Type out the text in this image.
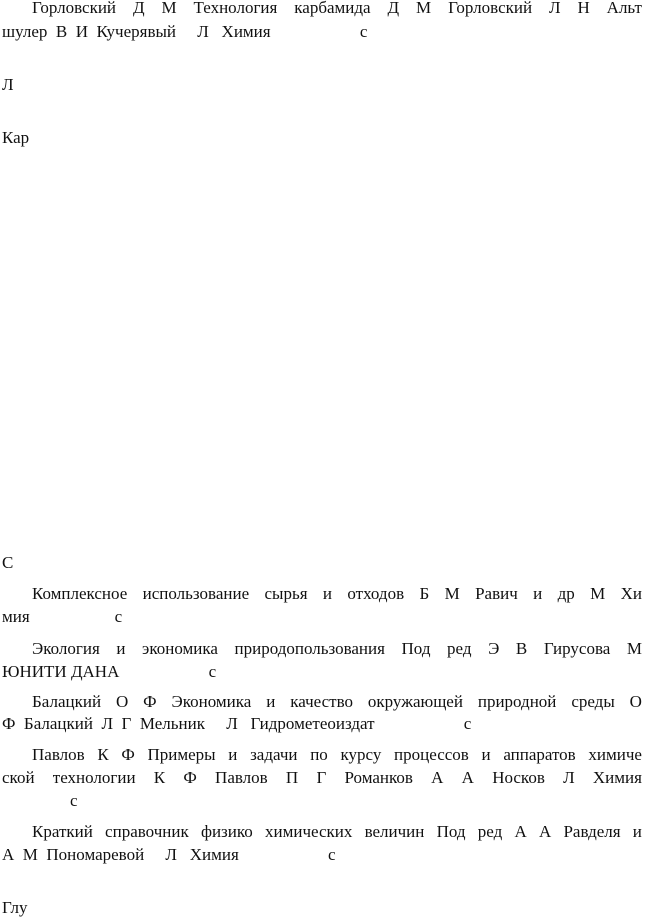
Горловский Д М Технология карбамида Д М Горловский Л Н Альт
шулер  В  И  Кучерявый     Л   Химия                     с
Л
Кар
С
Комплексное использование сырья и отходов Б М Равич и др М Хи
мия                    с
Экология и экономика природопользования Под ред Э В Гирусова М
ЮНИТИ ДАНА                     с
Балацкий О Ф Экономика и качество окружающей природной среды О
Ф  Балацкий  Л  Г  Мельник     Л   Гидрометеоиздат                     с
Павлов К Ф Примеры и задачи по курсу процессов и аппаратов химиче
ской технологии К Ф Павлов П Г Романков А А Носков Л Химия
с
Краткий справочник физико химических величин Под ред А А Равделя и
А  М  Пономаревой     Л   Химия                     с
Глу
